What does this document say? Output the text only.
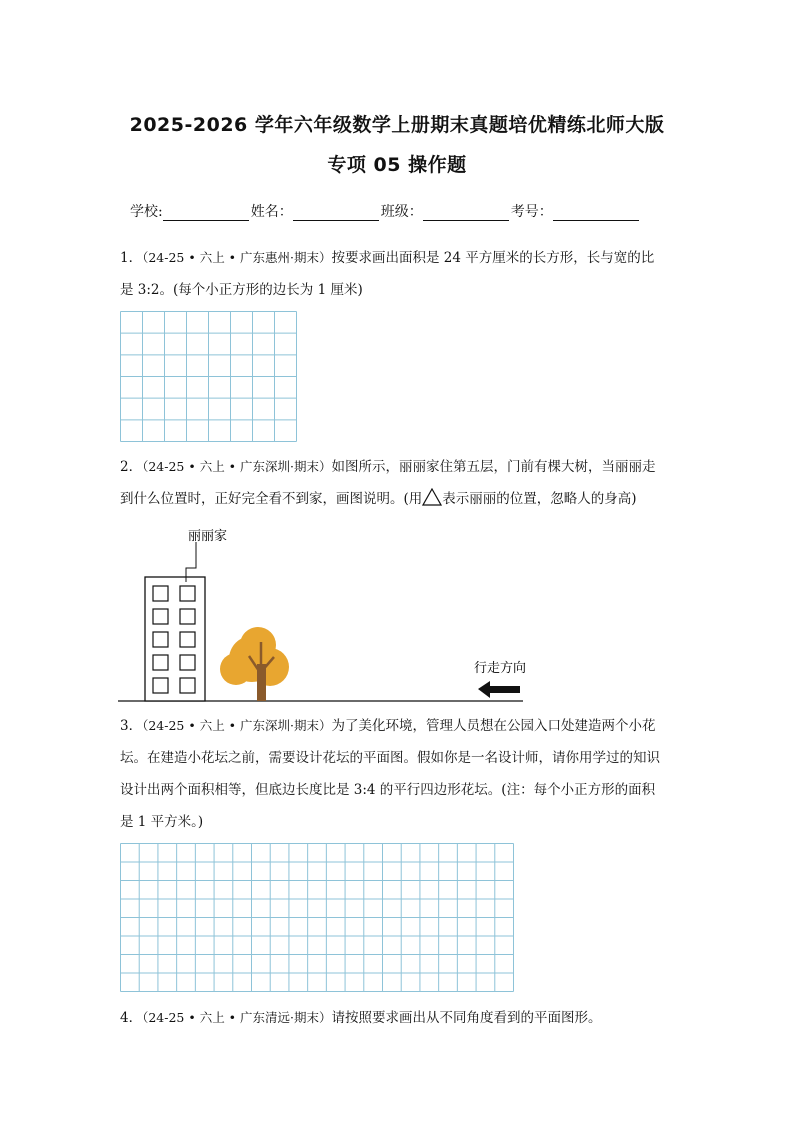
2025-2026 学年六年级数学上册期末真题培优精练北师大版
专项 05 操作题
学校:	姓名：	班级：	考号：
1．（24-25 • 六上 • 广东惠州·期末）按要求画出面积是 24 平方厘米的长方形，长与宽的比
是 3:2。(每个小正方形的边长为 1 厘米)
2．（24-25 • 六上 • 广东深圳·期末）如图所示，丽丽家住第五层，门前有棵大树，当丽丽走
到什么位置时，正好完全看不到家，画图说明。(用 表示丽丽的位置，忽略人的身高)
丽丽家
行走方向
3．（24-25 • 六上 • 广东深圳·期末）为了美化环境，管理人员想在公园入口处建造两个小花
坛。在建造小花坛之前，需要设计花坛的平面图。假如你是一名设计师，请你用学过的知识
设计出两个面积相等，但底边长度比是 3:4 的平行四边形花坛。(注：每个小正方形的面积
是 1 平方米。)
4．（24-25 • 六上 • 广东清远·期末）请按照要求画出从不同角度看到的平面图形。
